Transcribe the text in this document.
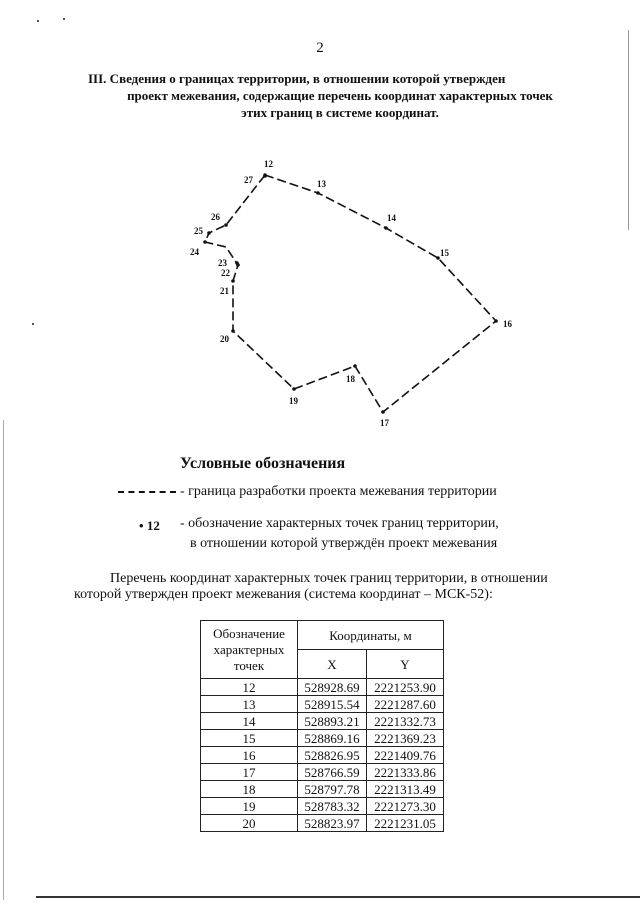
2
III. Сведения о границах территории, в отношении которой утвержден
проект межевания, содержащие перечень координат характерных точек
этих границ в системе координат.
12
13
14
15
16
17
18
19
20
21
22
23
24
25
26
27
Условные обозначения
- граница разработки проекта межевания территории
• 12 - обозначение характерных точек границ территории,
в отношении которой утверждён проект межевания
Перечень координат характерных точек границ территории, в отношении
которой утвержден проект межевания (система координат – МСК-52):
Обозначение характерных точек	Координаты, м	
	X	Y
12	528928.69	2221253.90
13	528915.54	2221287.60
14	528893.21	2221332.73
15	528869.16	2221369.23
16	528826.95	2221409.76
17	528766.59	2221333.86
18	528797.78	2221313.49
19	528783.32	2221273.30
20	528823.97	2221231.05
